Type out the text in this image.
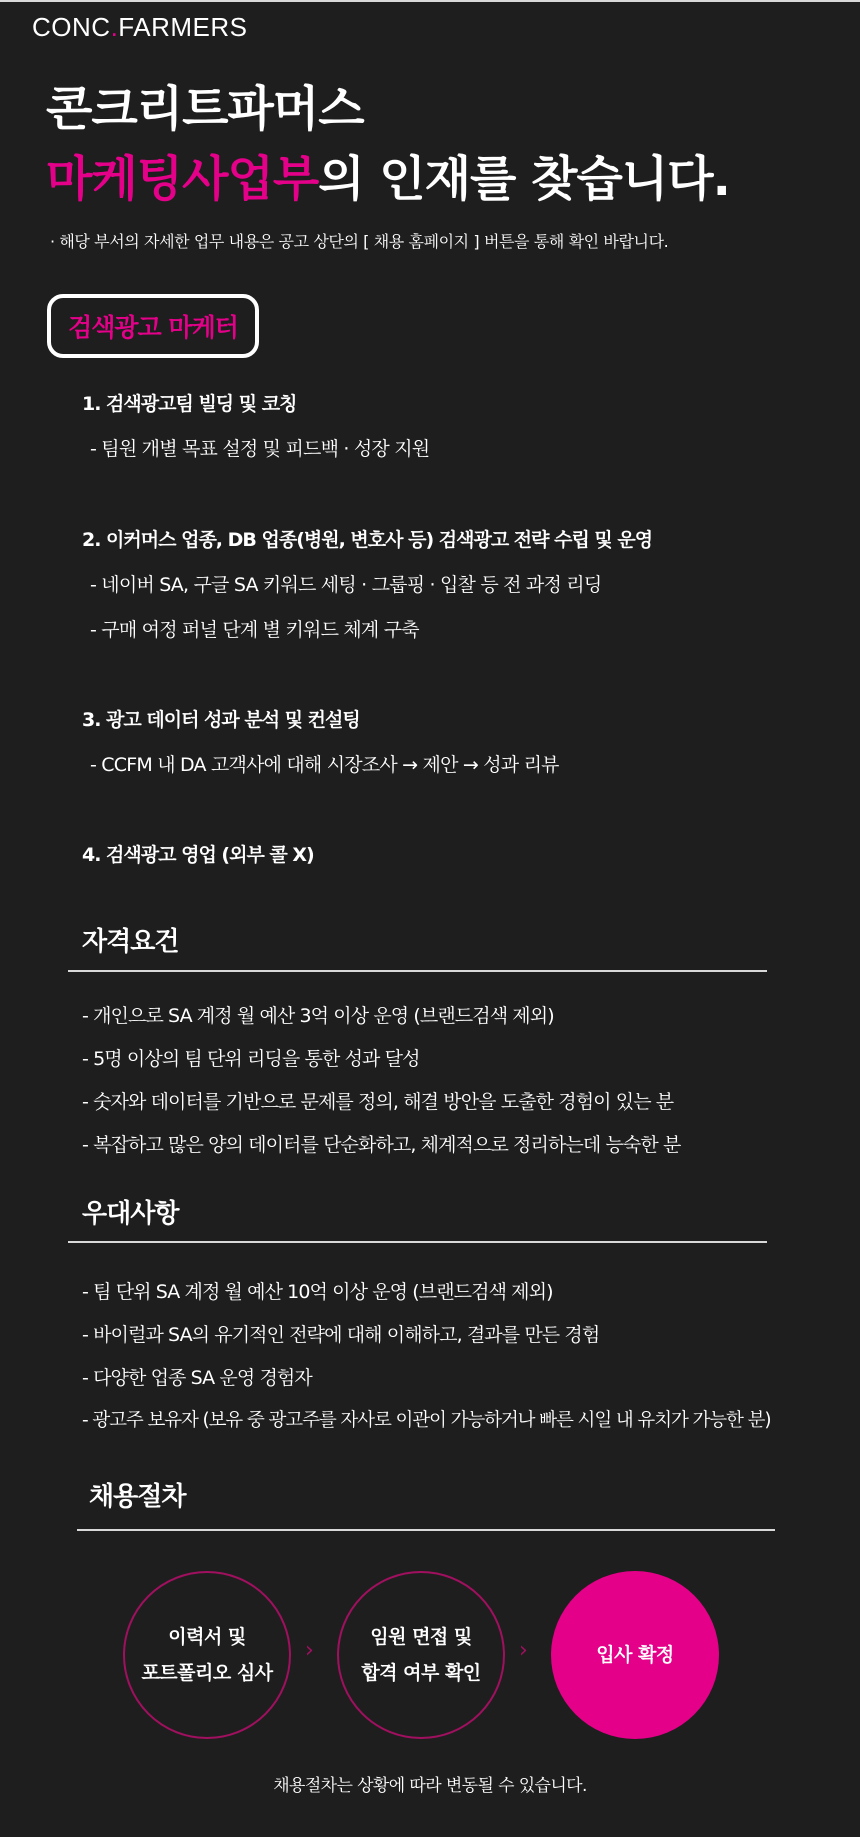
CONC.FARMERS
콘크리트파머스
마케팅사업부의 인재를 찾습니다.
· 해당 부서의 자세한 업무 내용은 공고 상단의 [ 채용 홈페이지 ] 버튼을 통해 확인 바랍니다.
검색광고 마케터
1. 검색광고팀 빌딩 및 코칭
- 팀원 개별 목표 설정 및 피드백 · 성장 지원
2. 이커머스 업종, DB 업종(병원, 변호사 등) 검색광고 전략 수립 및 운영
- 네이버 SA, 구글 SA 키워드 세팅 · 그룹핑 · 입찰 등 전 과정 리딩
- 구매 여정 퍼널 단계 별 키워드 체계 구축
3. 광고 데이터 성과 분석 및 컨설팅
- CCFM 내 DA 고객사에 대해 시장조사 → 제안 → 성과 리뷰
4. 검색광고 영업 (외부 콜 X)
자격요건
- 개인으로 SA 계정 월 예산 3억 이상 운영 (브랜드검색 제외)
- 5명 이상의 팀 단위 리딩을 통한 성과 달성
- 숫자와 데이터를 기반으로 문제를 정의, 해결 방안을 도출한 경험이 있는 분
- 복잡하고 많은 양의 데이터를 단순화하고, 체계적으로 정리하는데 능숙한 분
우대사항
- 팀 단위 SA 계정 월 예산 10억 이상 운영 (브랜드검색 제외)
- 바이럴과 SA의 유기적인 전략에 대해 이해하고, 결과를 만든 경험
- 다양한 업종 SA 운영 경험자
- 광고주 보유자 (보유 중 광고주를 자사로 이관이 가능하거나 빠른 시일 내 유치가 가능한 분)
채용절차
이력서 및
포트폴리오 심사
›
임원 면접 및
합격 여부 확인
›	입사 확정
채용절차는 상황에 따라 변동될 수 있습니다.
